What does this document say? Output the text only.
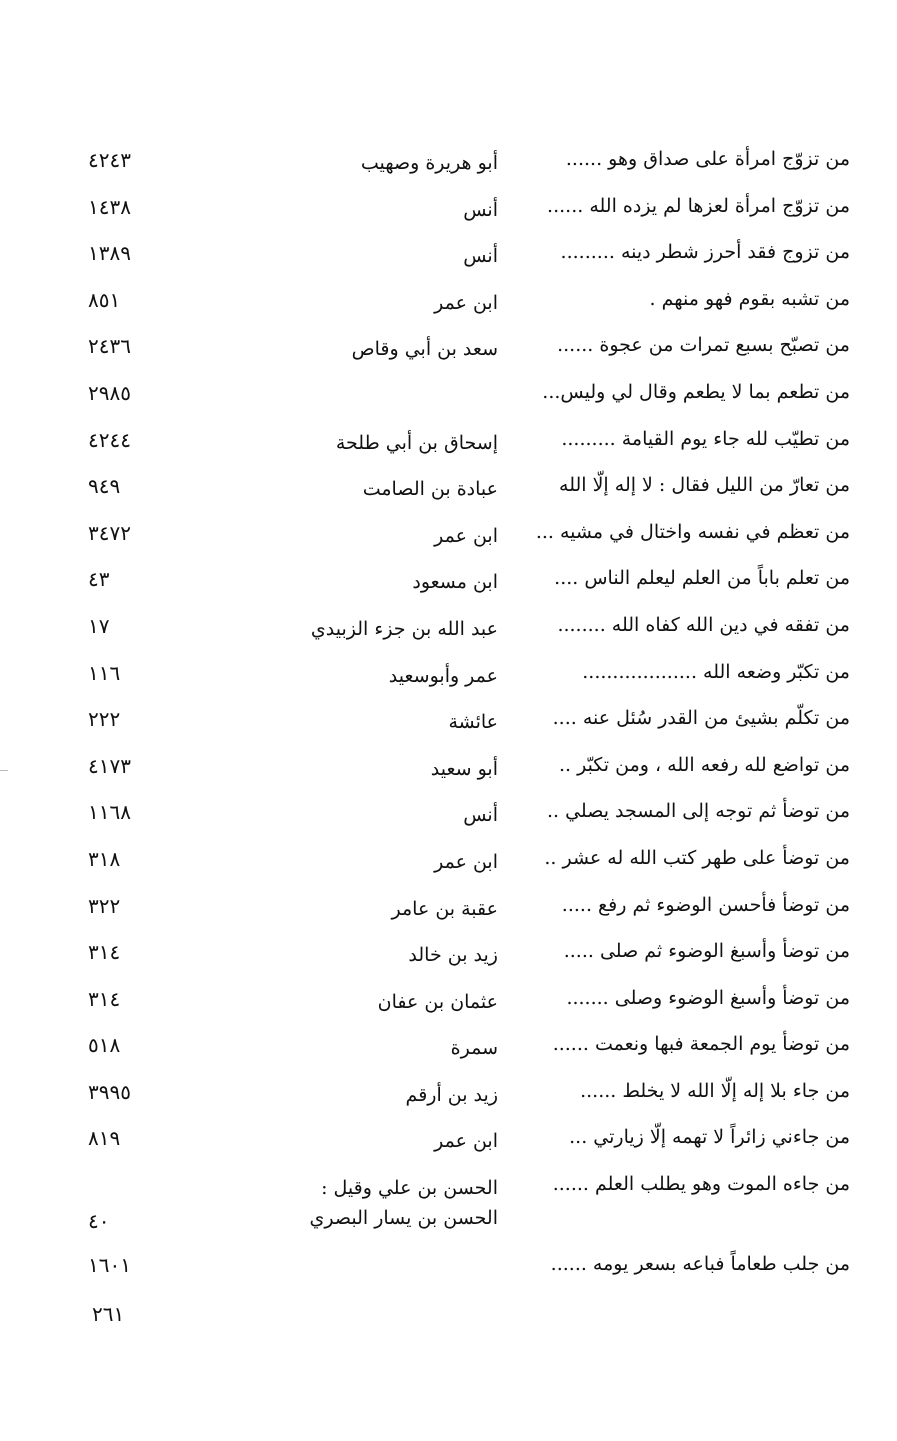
من تزوّج امرأة على صداق وهو ......
أبو هريرة وصهيب
٤٢٤٣
من تزوّج امرأة لعزها لم يزده الله ......
أنس
١٤٣٨
من تزوج فقد أحرز شطر دينه .........
أنس
١٣٨٩
من تشبه بقوم فهو منهم .
ابن عمر
٨٥١
من تصبّح بسبع تمرات من عجوة ......
سعد بن أبي وقاص
٢٤٣٦
من تطعم بما لا يطعم وقال لي وليس...
٢٩٨٥
من تطيّب لله جاء يوم القيامة .........
إسحاق بن أبي طلحة
٤٢٤٤
من تعارّ من الليل فقال : لا إله إلّا الله
عبادة بن الصامت
٩٤٩
من تعظم في نفسه واختال في مشيه ...
ابن عمر
٣٤٧٢
من تعلم باباً من العلم ليعلم الناس ....
ابن مسعود
٤٣
من تفقه في دين الله كفاه الله ........
عبد الله بن جزء الزبيدي
١٧
من تكبّر وضعه الله ...................
عمر وأبوسعيد
١١٦
من تكلّم بشيئ من القدر سُئل عنه ....
عائشة
٢٢٢
من تواضع لله رفعه الله ، ومن تكبّر ..
أبو سعيد
٤١٧٣
من توضأ ثم توجه إلى المسجد يصلي ..
أنس
١١٦٨
من توضأ على طهر كتب الله له عشر ..
ابن عمر
٣١٨
من توضأ فأحسن الوضوء ثم رفع .....
عقبة بن عامر
٣٢٢
من توضأ وأسبغ الوضوء ثم صلى .....
زيد بن خالد
٣١٤
من توضأ وأسبغ الوضوء وصلى .......
عثمان بن عفان
٣١٤
من توضأ يوم الجمعة فبها ونعمت ......
سمرة
٥١٨
من جاء بلا إله إلّا الله لا يخلط ......
زيد بن أرقم
٣٩٩٥
من جاءني زائراً لا تهمه إلّا زيارتي ...
ابن عمر
٨١٩
من جاءه الموت وهو يطلب العلم ......
الحسن بن علي وقيل :
الحسن بن يسار البصري
٤٠
من جلب طعاماً فباعه بسعر يومه ......
١٦٠١
٢٦١
